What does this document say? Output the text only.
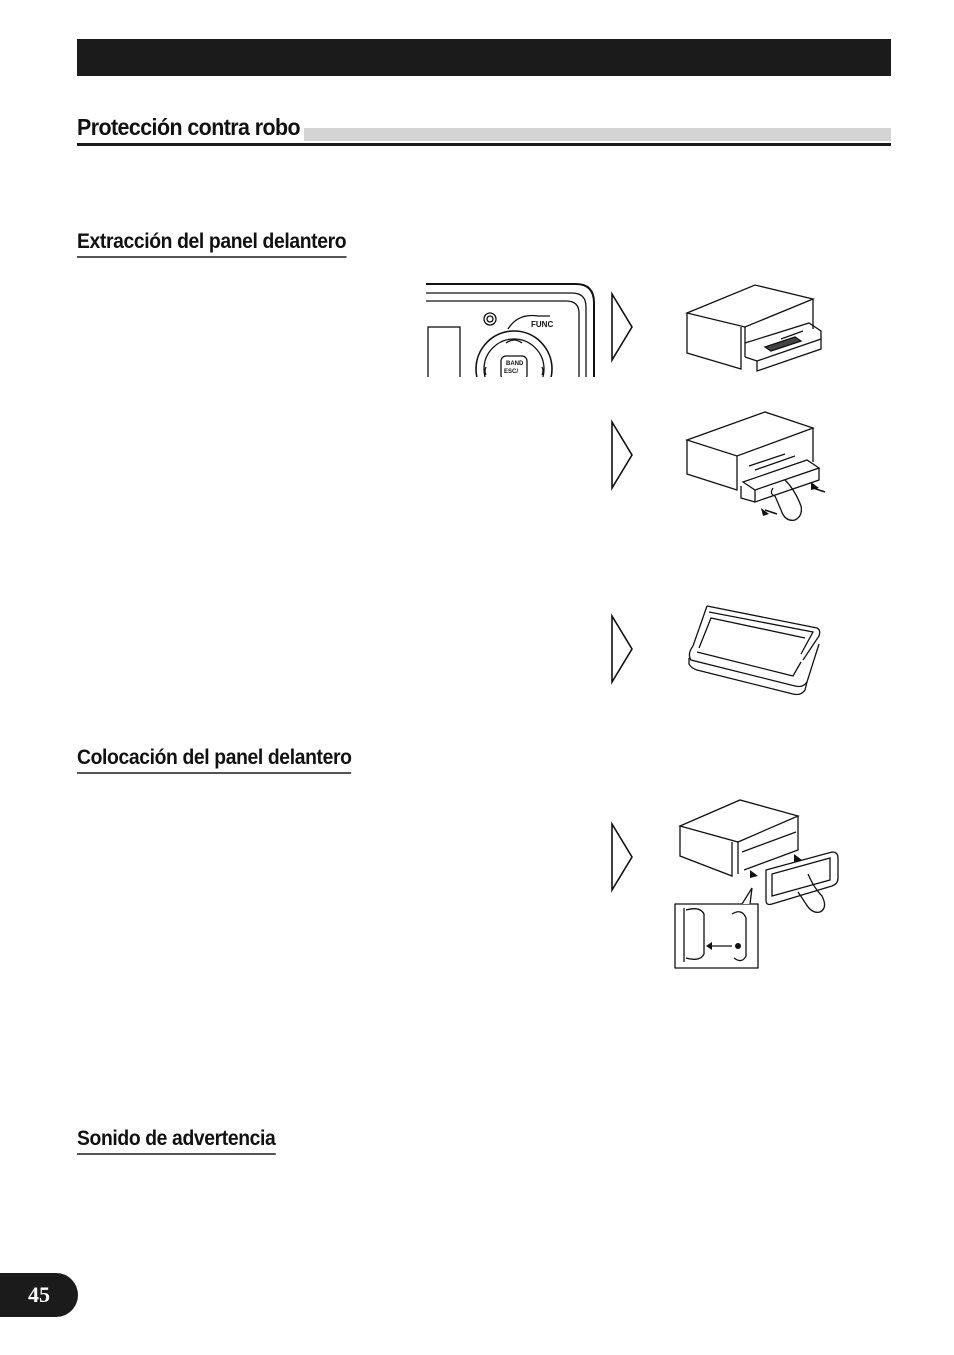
Protección contra robo
Extracción del panel delantero
Colocación del panel delantero
Sonido de advertencia
FUNC
BAND
ESC/
45
